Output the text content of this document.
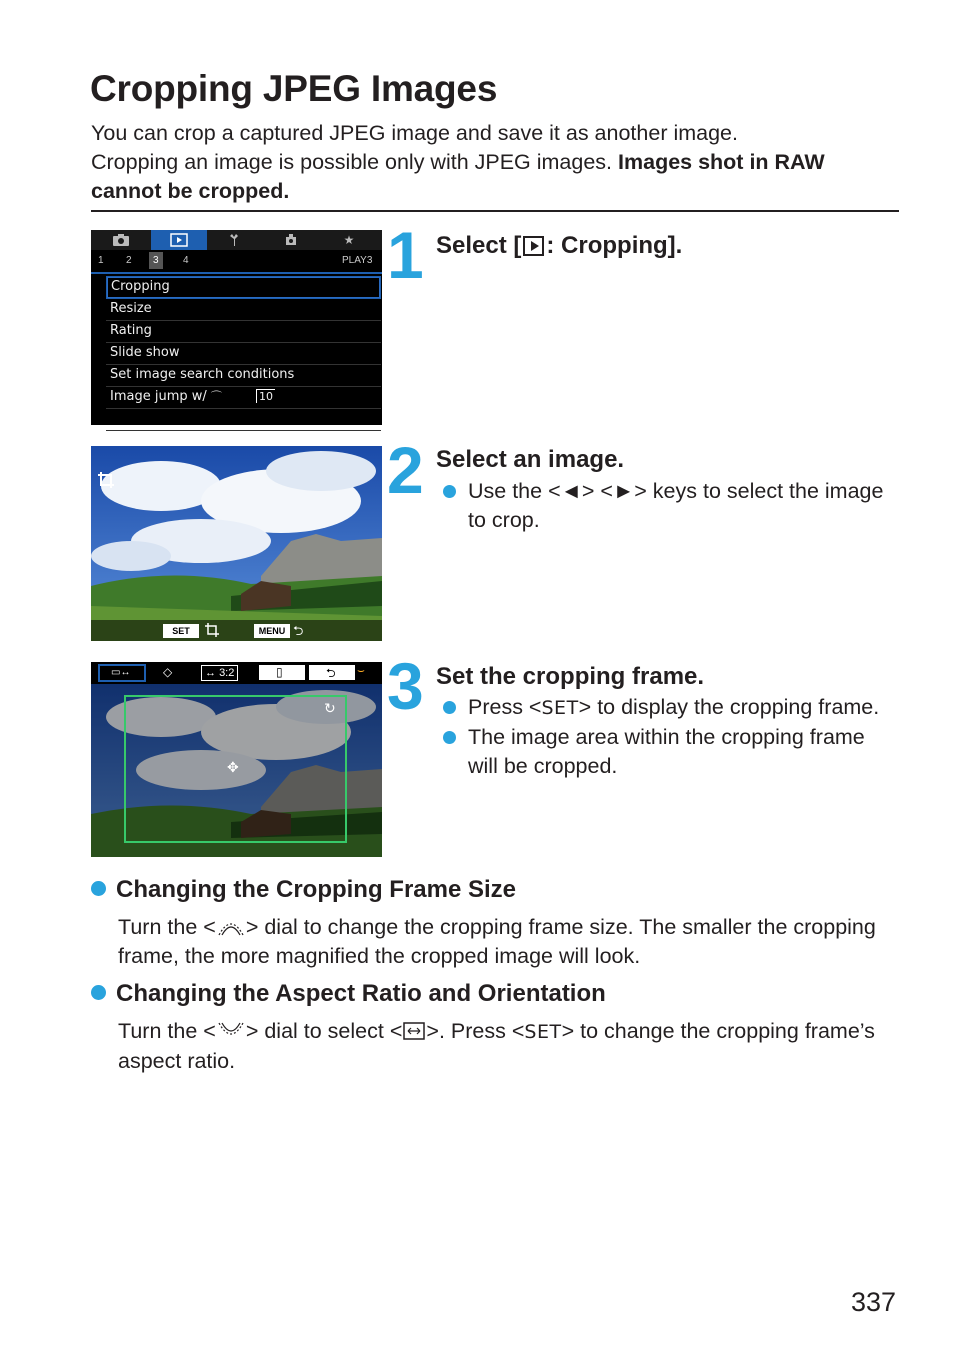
Cropping JPEG Images
You can crop a captured JPEG image and save it as another image.
Cropping an image is possible only with JPEG images. Images shot in RAW cannot be cropped.
★
1 2	3	4	PLAY3
Cropping
Resize
Rating
Slide show
Set image search conditions
Image jump w/ ⌒	10
1 Select [ : Cropping].
SET	MENU ⮌
2 Select an image.
Use the <◄> <►> keys to select the image to crop.
▭↔	◇	↔ 3:2	▯	⮌ ⌣
↻
✥
3 Set the cropping frame.
Press <SET> to display the cropping frame.
The image area within the cropping frame will be cropped.
Changing the Cropping Frame Size
Turn the < > dial to change the cropping frame size. The smaller the cropping frame, the more magnified the cropped image will look.
Changing the Aspect Ratio and Orientation
Turn the < > dial to select < >. Press <SET> to change the cropping frame’s aspect ratio.
337
